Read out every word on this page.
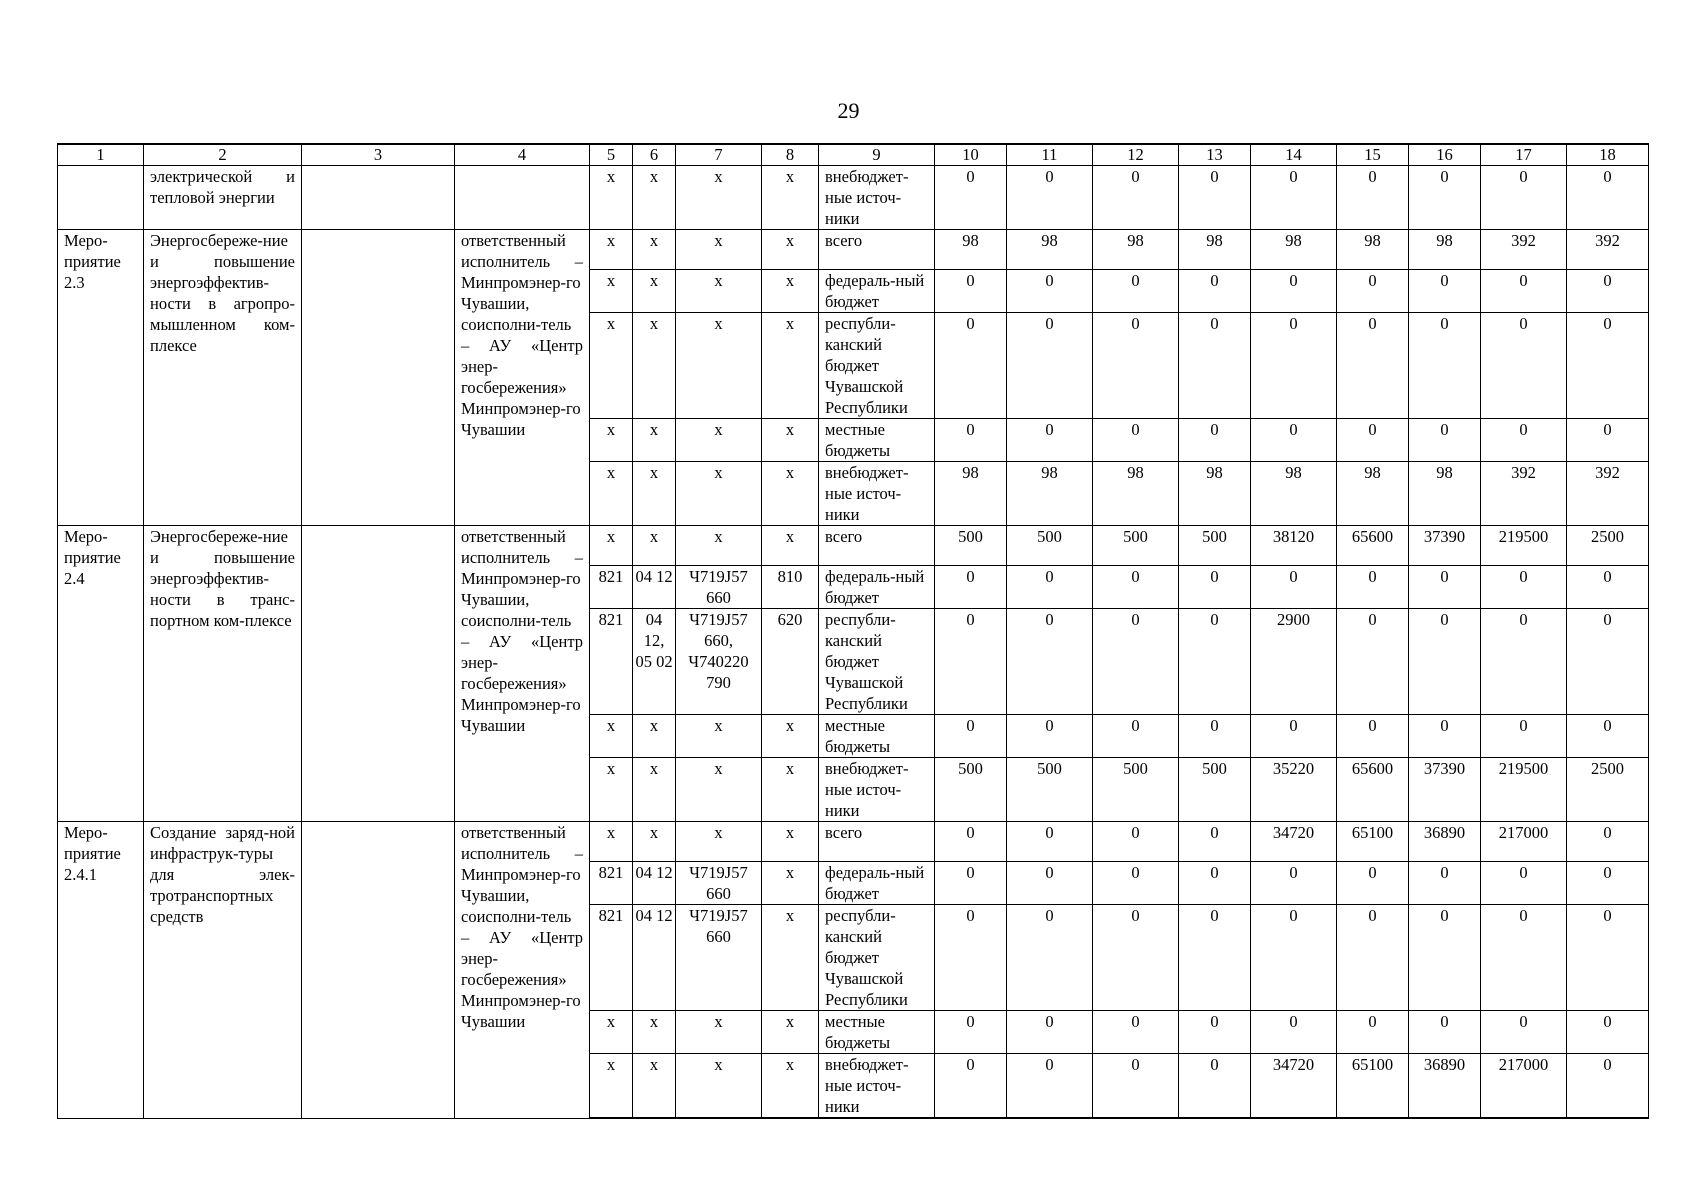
29
1	2	3	4	5	6	7	8	9	10	11	12	13	14	15	16	17	18
	электрической и тепловой энергии			x	x	x	x	внебюджет-ные источ-ники	0	0	0	0	0	0	0	0	0
Меро-приятие 2.3	Энергосбереже-ние и повышение энергоэффектив-ности в агропро-мышленном ком-плексе		ответственный исполнитель – Минпромэнер-го Чувашии, соисполни-тель – АУ «Центр энер-госбережения» Минпромэнер-го Чувашии	x	x	x	x	всего	98	98	98	98	98	98	98	392	392
				x	x	x	x	федераль-ный бюджет	0	0	0	0	0	0	0	0	0
				x	x	x	x	республи-канский бюджет Чувашской Республики	0	0	0	0	0	0	0	0	0
				x	x	x	x	местные бюджеты	0	0	0	0	0	0	0	0	0
				x	x	x	x	внебюджет-ные источ-ники	98	98	98	98	98	98	98	392	392
Меро-приятие 2.4	Энергосбереже-ние и повышение энергоэффектив-ности в транс-портном ком-плексе		ответственный исполнитель – Минпромэнер-го Чувашии, соисполни-тель – АУ «Центр энер-госбережения» Минпромэнер-го Чувашии	x	x	x	x	всего	500	500	500	500	38120	65600	37390	219500	2500
				821	04 12	Ч719J57 660	810	федераль-ный бюджет	0	0	0	0	0	0	0	0	0
				821	04 12, 05 02	Ч719J57 660, Ч740220 790	620	республи-канский бюджет Чувашской Республики	0	0	0	0	2900	0	0	0	0
				x	x	x	x	местные бюджеты	0	0	0	0	0	0	0	0	0
				x	x	x	x	внебюджет-ные источ-ники	500	500	500	500	35220	65600	37390	219500	2500
Меро-приятие 2.4.1	Создание заряд-ной инфраструк-туры для элек-тротранспортных средств		ответственный исполнитель – Минпромэнер-го Чувашии, соисполни-тель – АУ «Центр энер-госбережения» Минпромэнер-го Чувашии	x	x	x	x	всего	0	0	0	0	34720	65100	36890	217000	0
				821	04 12	Ч719J57 660	x	федераль-ный бюджет	0	0	0	0	0	0	0	0	0
				821	04 12	Ч719J57 660	x	республи-канский бюджет Чувашской Республики	0	0	0	0	0	0	0	0	0
				x	x	x	x	местные бюджеты	0	0	0	0	0	0	0	0	0
				x	x	x	x	внебюджет-ные источ-ники	0	0	0	0	34720	65100	36890	217000	0
